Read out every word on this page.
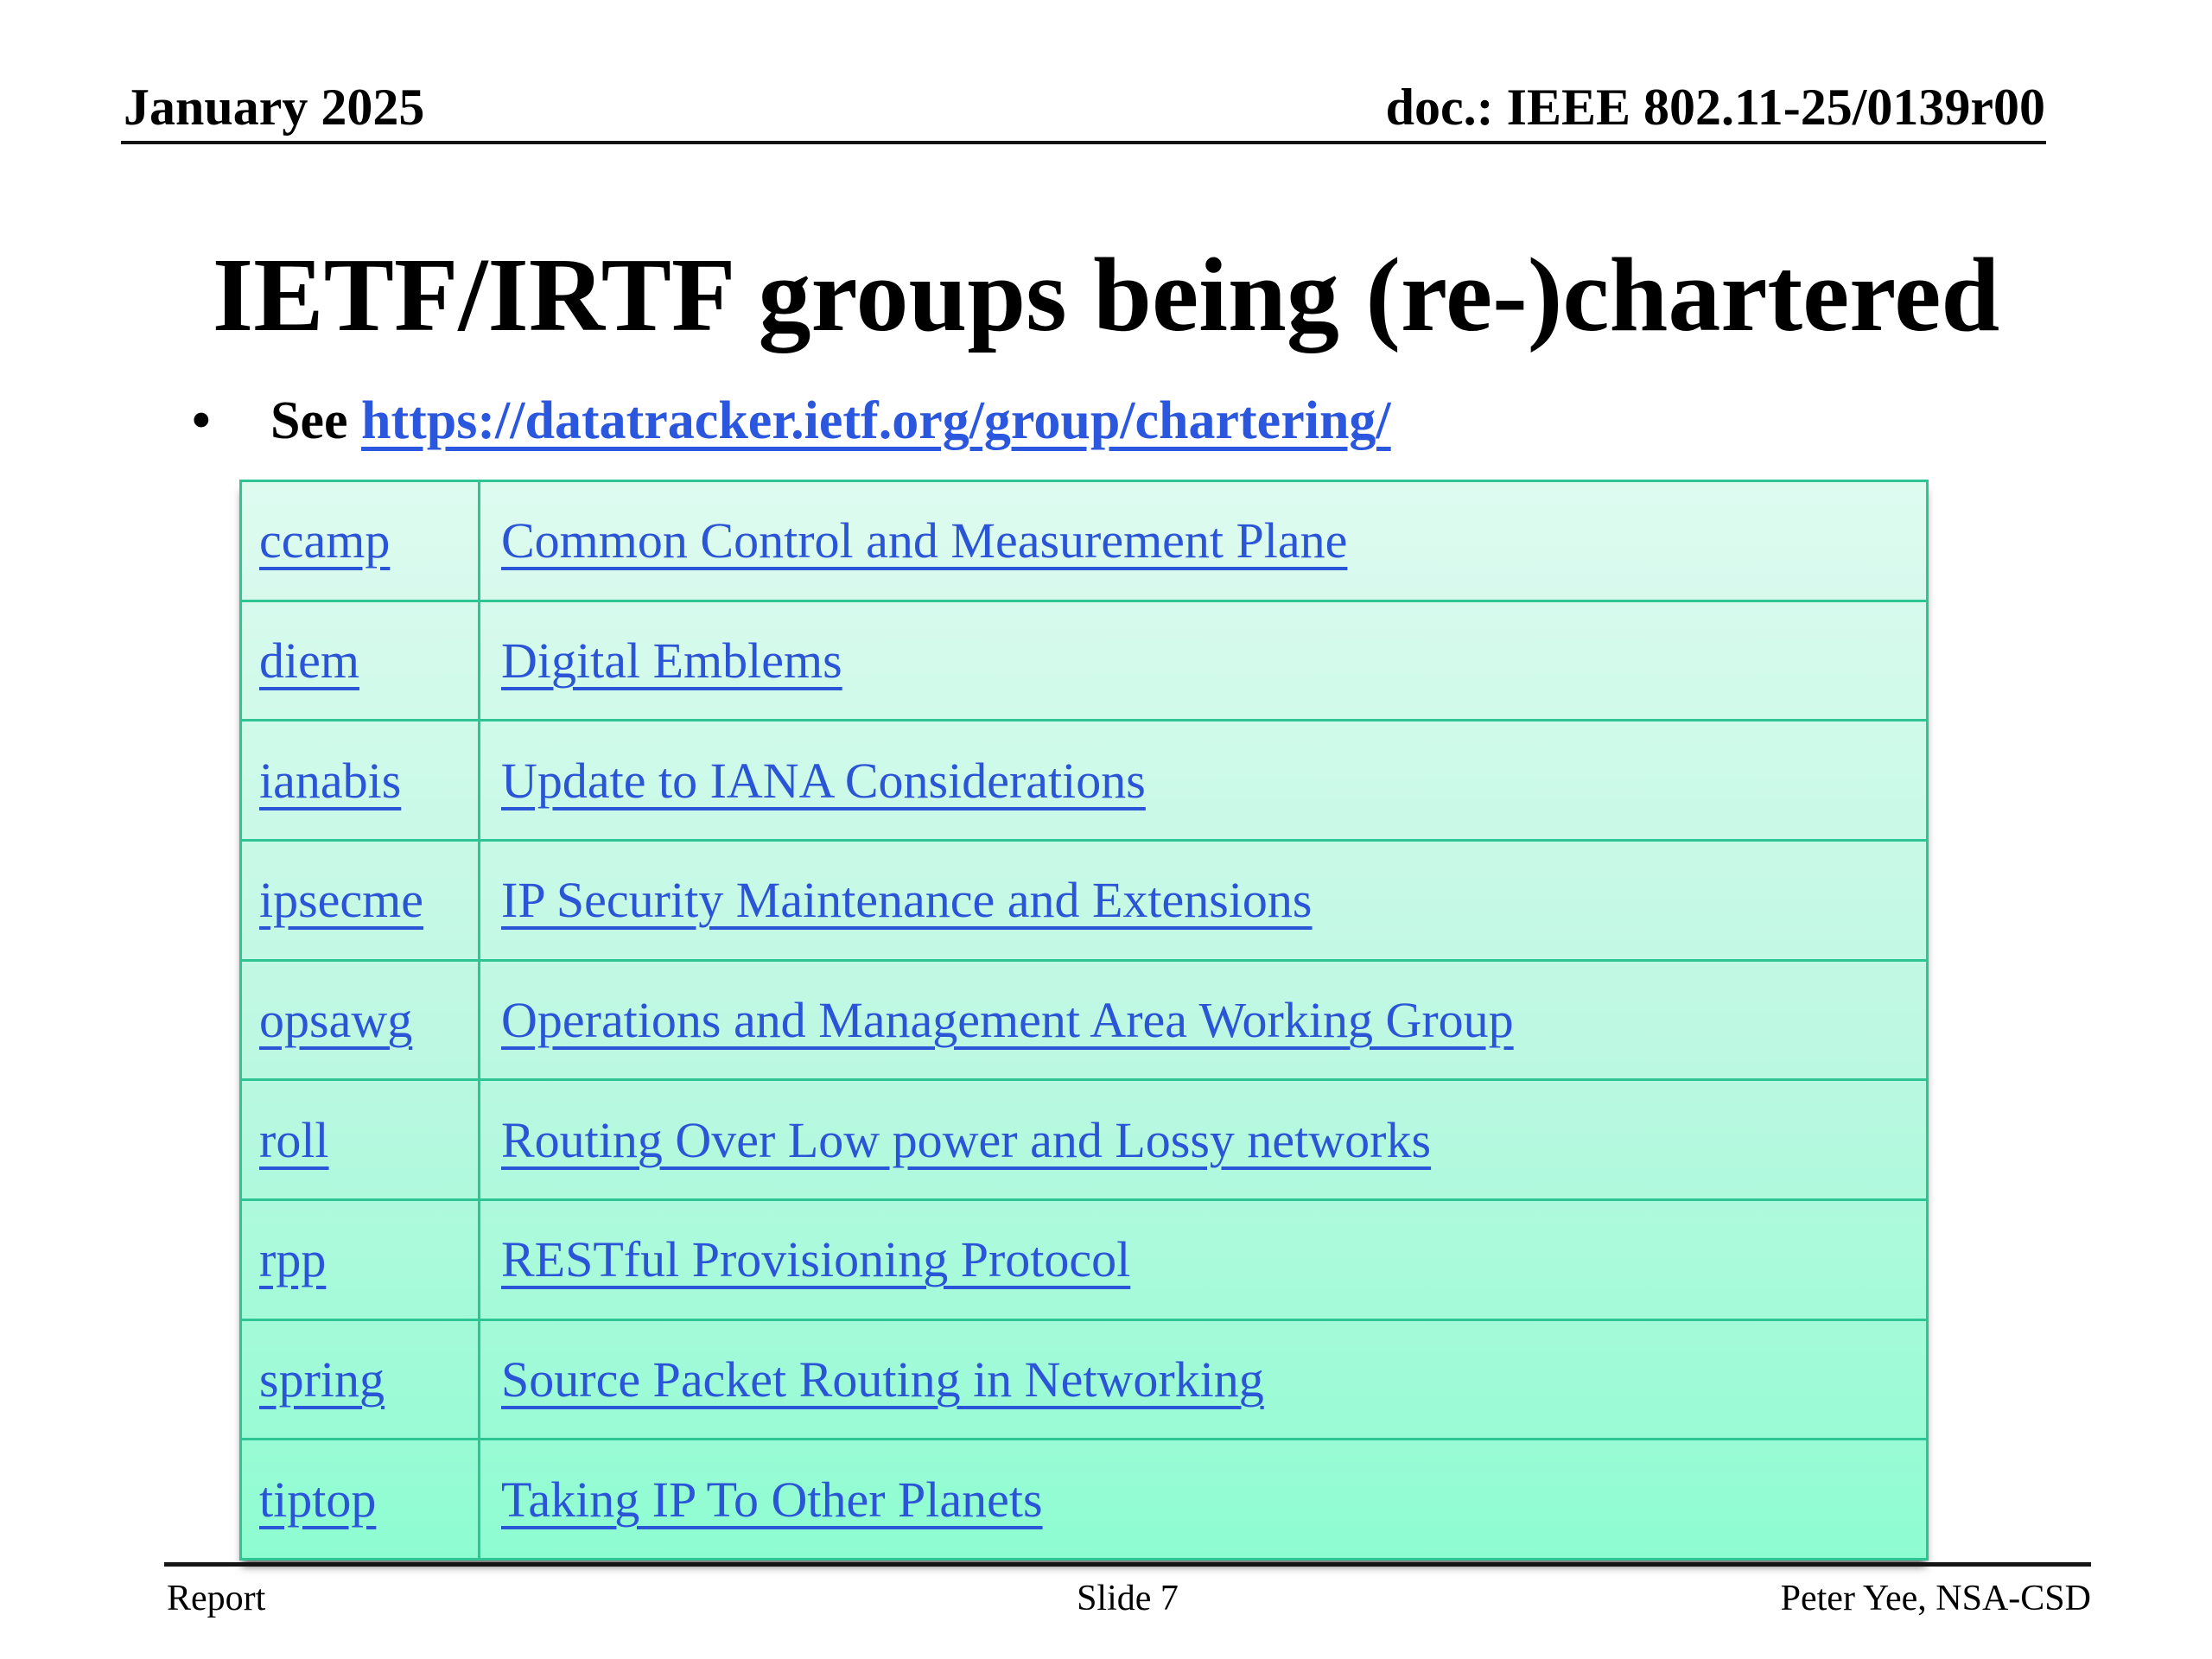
January 2025	doc.: IEEE 802.11-25/0139r00
IETF/IRTF groups being (re-)chartered
• See https://datatracker.ietf.org/group/chartering/
ccamp Common Control and Measurement Plane
diem	Digital Emblems
ianabis Update to IANA Considerations
ipsecme IP Security Maintenance and Extensions
opsawg Operations and Management Area Working Group
roll	Routing Over Low power and Lossy networks
rpp	RESTful Provisioning Protocol
spring Source Packet Routing in Networking
tiptop Taking IP To Other Planets
Report	Slide 7	Peter Yee, NSA-CSD
